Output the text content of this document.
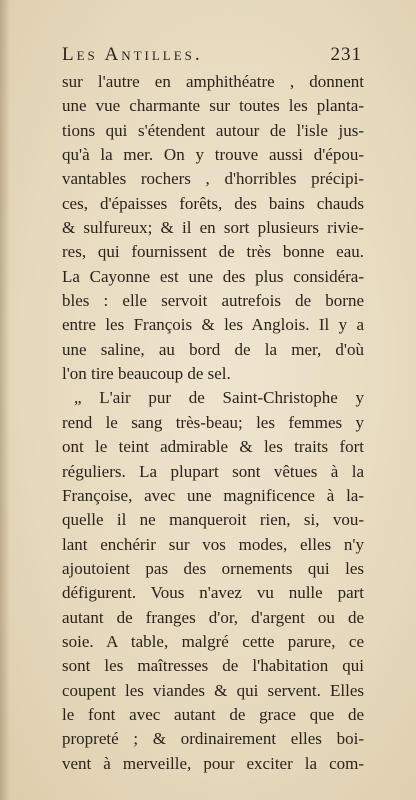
Les Antilles.	231
sur l'autre en amphithéatre , donnent
une vue charmante sur toutes les planta-
tions qui s'étendent autour de l'isle jus-
qu'à la mer. On y trouve aussi d'épou-
vantables rochers , d'horribles précipi-
ces, d'épaisses forêts, des bains chauds
& sulfureux; & il en sort plusieurs rivie-
res, qui fournissent de très bonne eau.
La Cayonne est une des plus considéra-
bles : elle servoit autrefois de borne
entre les François & les Anglois. Il y a
une saline, au bord de la mer, d'où
l'on tire beaucoup de sel.
„ L'air pur de Saint-Christophe y
rend le sang très-beau; les femmes y
ont le teint admirable & les traits fort
réguliers. La plupart sont vêtues à la
Françoise, avec une magnificence à la-
quelle il ne manqueroit rien, si, vou-
lant enchérir sur vos modes, elles n'y
ajoutoient pas des ornements qui les
défigurent. Vous n'avez vu nulle part
autant de franges d'or, d'argent ou de
soie. A table, malgré cette parure, ce
sont les maîtresses de l'habitation qui
coupent les viandes & qui servent. Elles
le font avec autant de grace que de
propreté ; & ordinairement elles boi-
vent à merveille, pour exciter la com-
